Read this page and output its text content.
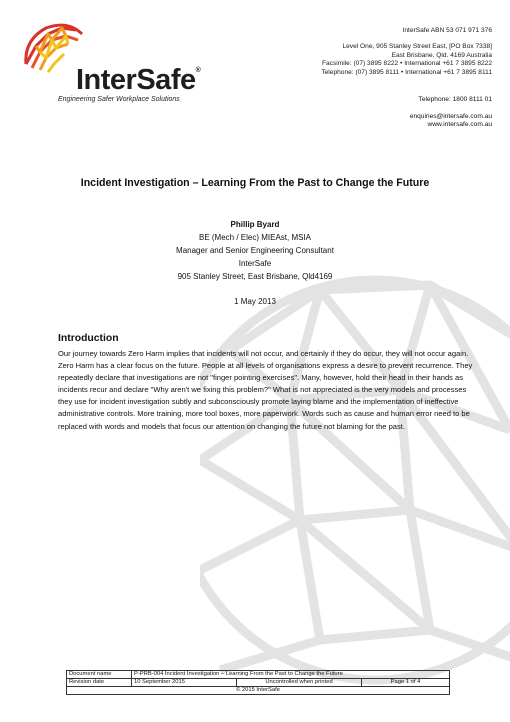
InterSafe®
Engineering Safer Workplace Solutions
InterSafe ABN 53 071 971 376
Level One, 905 Stanley Street East, [PO Box 7338]
East Brisbane, Qld. 4169 Australia
Facsimile: (07) 3895 8222 • International +61 7 3895 8222
Telephone: (07) 3895 8111 • International +61 7 3895 8111
Telephone: 1800 8111 01
enquiries@intersafe.com.au
www.intersafe.com.au
Incident Investigation – Learning From the Past to Change the Future
Phillip Byard
BE (Mech / Elec) MIEAst, MSIA
Manager and Senior Engineering Consultant
InterSafe
905 Stanley Street, East Brisbane, Qld4169
1 May 2013
Introduction
Our journey towards Zero Harm implies that incidents will not occur, and certainly if they do occur, they will not occur again. Zero Harm has a clear focus on the future. People at all levels of organisations express a desire to prevent recurrence. They repeatedly declare that investigations are not "finger pointing exercises". Many, however, hold their head in their hands as incidents recur and declare "Why aren't we fixing this problem?" What is not appreciated is the very models and processes they use for incident investigation subtly and subconsciously promote laying blame and the implementation of ineffective administrative controls. More training, more tool boxes, more paperwork. Words such as cause and human error need to be replaced with words and models that focus our attention on changing the future not blaming for the past.
Document name	P-PRB-004 Incident Investigation – Learning From the Past to Change the Future		
Revision date	10 September 2015	Uncontrolled when printed	Page 1 of 4
© 2015 InterSafe			
